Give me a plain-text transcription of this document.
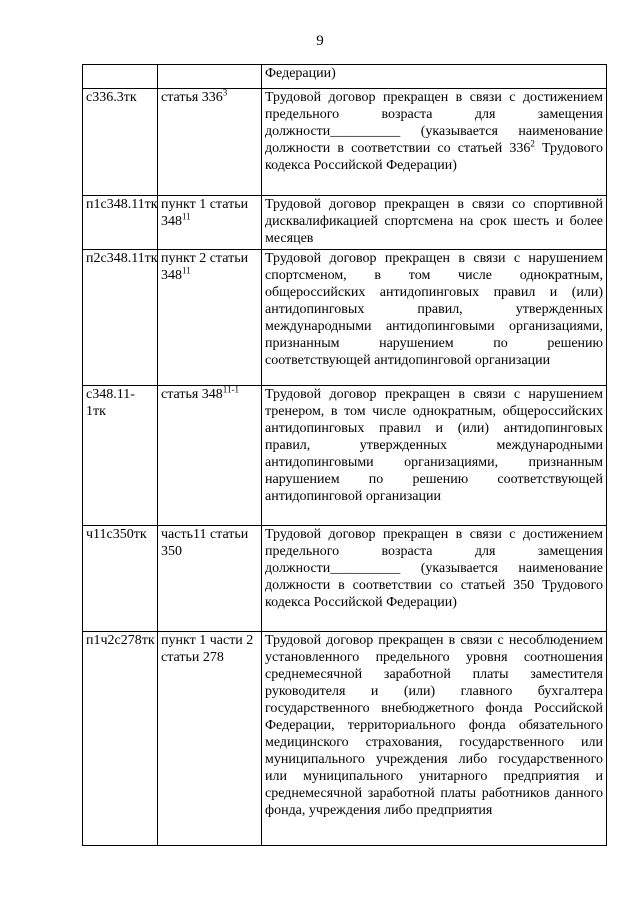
9
		Федерации)
с336.3тк	статья $336^3$	Трудовой договор прекращен в связи с достижением предельного возраста для замещения должности__________ (указывается наименование должности в соответствии со статьей $336^2$ Трудового кодекса Российской Федерации)
п1с348.11тк	пункт 1 статьи $348^{11}$	Трудовой договор прекращен в связи со спортивной дисквалификацией спортсмена на срок шесть и более месяцев
п2с348.11тк	пункт 2 статьи $348^{11}$	Трудовой договор прекращен в связи с нарушением спортсменом, в том числе однократным, общероссийских антидопинговых правил и (или) антидопинговых правил, утвержденных международными антидопинговыми организациями, признанным нарушением по решению соответствующей антидопинговой организации
с348.11-1тк	статья 348$^{11-1}$	Трудовой договор прекращен в связи с нарушением тренером, в том числе однократным, общероссийских антидопинговых правил и (или) антидопинговых правил, утвержденных международными антидопинговыми организациями, признанным нарушением по решению соответствующей антидопинговой организации
ч11с350тк	часть11 статьи 350	Трудовой договор прекращен в связи с достижением предельного возраста для замещения должности__________ (указывается наименование должности в соответствии со статьей 350 Трудового кодекса Российской Федерации)
п1ч2с278тк	пункт 1 части 2 статьи 278	Трудовой договор прекращен в связи с несоблюдением установленного предельного уровня соотношения среднемесячной заработной платы заместителя руководителя и (или) главного бухгалтера государственного внебюджетного фонда Российской Федерации, территориального фонда обязательного медицинского страхования, государственного или муниципального учреждения либо государственного или муниципального унитарного предприятия и среднемесячной заработной платы работников данного фонда, учреждения либо предприятия
